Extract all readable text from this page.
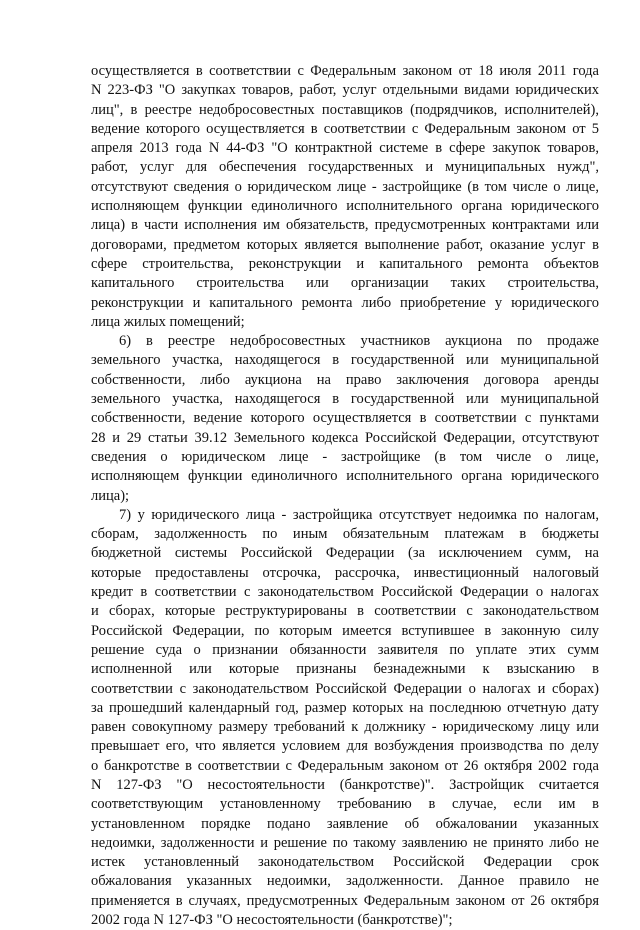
осуществляется в соответствии с Федеральным законом от 18 июля 2011 года
N 223-ФЗ "О закупках товаров, работ, услуг отдельными видами юридических
лиц", в реестре недобросовестных поставщиков (подрядчиков, исполнителей),
ведение которого осуществляется в соответствии с Федеральным законом от 5
апреля 2013 года N 44-ФЗ "О контрактной системе в сфере закупок товаров,
работ, услуг для обеспечения государственных и муниципальных нужд",
отсутствуют сведения о юридическом лице - застройщике (в том числе о лице,
исполняющем функции единоличного исполнительного органа юридического
лица) в части исполнения им обязательств, предусмотренных контрактами или
договорами, предметом которых является выполнение работ, оказание услуг в
сфере строительства, реконструкции и капитального ремонта объектов
капитального строительства или организации таких строительства,
реконструкции и капитального ремонта либо приобретение у юридического
лица жилых помещений;
6) в реестре недобросовестных участников аукциона по продаже
земельного участка, находящегося в государственной или муниципальной
собственности, либо аукциона на право заключения договора аренды
земельного участка, находящегося в государственной или муниципальной
собственности, ведение которого осуществляется в соответствии с пунктами
28 и 29 статьи 39.12 Земельного кодекса Российской Федерации, отсутствуют
сведения о юридическом лице - застройщике (в том числе о лице,
исполняющем функции единоличного исполнительного органа юридического
лица);
7) у юридического лица - застройщика отсутствует недоимка по налогам,
сборам, задолженность по иным обязательным платежам в бюджеты
бюджетной системы Российской Федерации (за исключением сумм, на
которые предоставлены отсрочка, рассрочка, инвестиционный налоговый
кредит в соответствии с законодательством Российской Федерации о налогах
и сборах, которые реструктурированы в соответствии с законодательством
Российской Федерации, по которым имеется вступившее в законную силу
решение суда о признании обязанности заявителя по уплате этих сумм
исполненной или которые признаны безнадежными к взысканию в
соответствии с законодательством Российской Федерации о налогах и сборах)
за прошедший календарный год, размер которых на последнюю отчетную дату
равен совокупному размеру требований к должнику - юридическому лицу или
превышает его, что является условием для возбуждения производства по делу
о банкротстве в соответствии с Федеральным законом от 26 октября 2002 года
N 127-ФЗ "О несостоятельности (банкротстве)". Застройщик считается
соответствующим установленному требованию в случае, если им в
установленном порядке подано заявление об обжаловании указанных
недоимки, задолженности и решение по такому заявлению не принято либо не
истек установленный законодательством Российской Федерации срок
обжалования указанных недоимки, задолженности. Данное правило не
применяется в случаях, предусмотренных Федеральным законом от 26 октября
2002 года N 127-ФЗ "О несостоятельности (банкротстве)";
